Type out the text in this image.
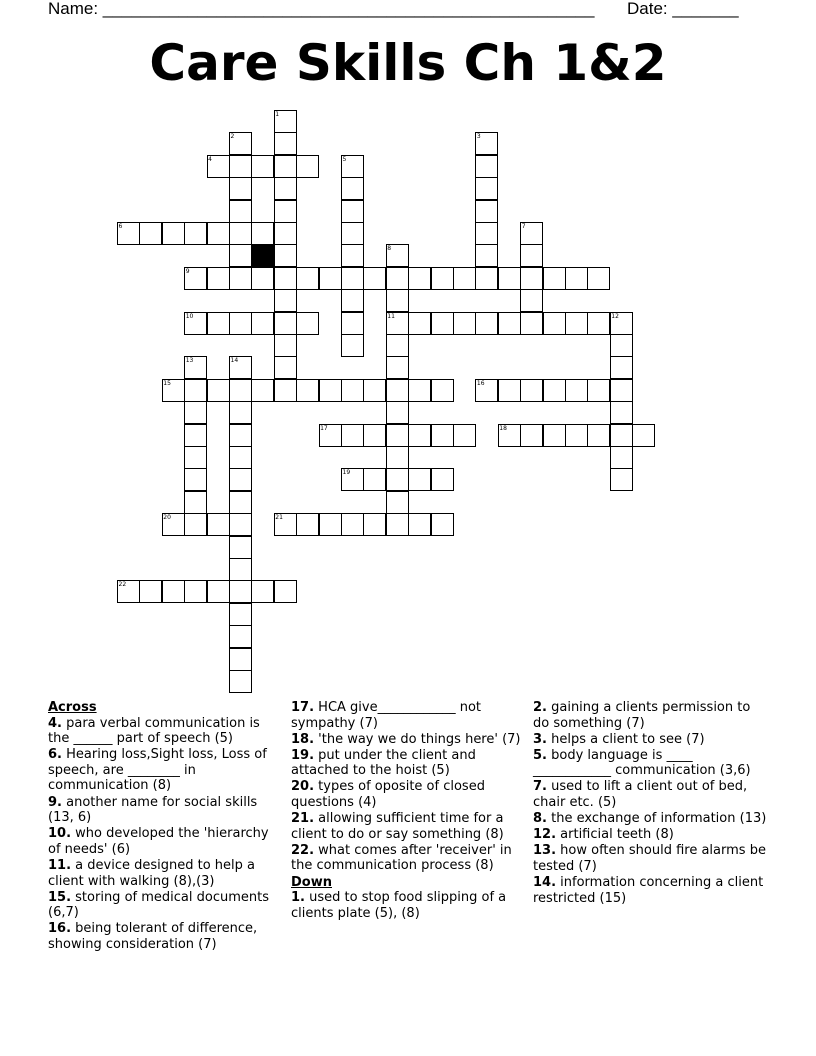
Name: ____________________________________________________ Date: _______
Care Skills Ch 1&2
1
2	3
4	5
6	7
8
9
10	11	12
13	14
15	16
17	18
19
20	21
22
Across
4. para verbal communication is the ______ part of speech (5)
6. Hearing loss,Sight loss, Loss of speech, are ________ in communication (8)
9. another name for social skills (13, 6)
10. who developed the 'hierarchy of needs' (6)
11. a device designed to help a client with walking (8),(3)
15. storing of medical documents (6,7)
16. being tolerant of difference, showing consideration (7)
17. HCA give____________ not sympathy (7)
18. 'the way we do things here' (7)
19. put under the client and attached to the hoist (5)
20. types of oposite of closed questions (4)
21. allowing sufficient time for a client to do or say something (8)
22. what comes after 'receiver' in the communication process (8)
Down
1. used to stop food slipping of a clients plate (5), (8)
2. gaining a clients permission to do something (7)
3. helps a client to see (7)
5. body language is ____ ____________ communication (3,6)
7. used to lift a client out of bed, chair etc. (5)
8. the exchange of information (13)
12. artificial teeth (8)
13. how often should fire alarms be tested (7)
14. information concerning a client restricted (15)
